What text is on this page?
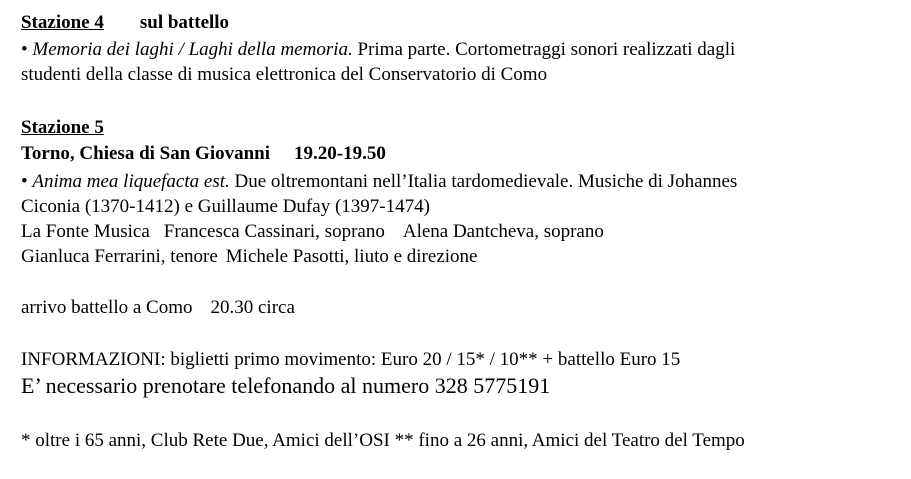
Stazione 4 sul battello
• Memoria dei laghi / Laghi della memoria. Prima parte. Cortometraggi sonori realizzati dagli
studenti della classe di musica elettronica del Conservatorio di Como
Stazione 5
Torno, Chiesa di San Giovanni 19.20-19.50
• Anima mea liquefacta est. Due oltremontani nell’Italia tardomedievale. Musiche di Johannes
Ciconia (1370-1412) e Guillaume Dufay (1397-1474)
La Fonte Musica Francesca Cassinari, soprano Alena Dantcheva, soprano
Gianluca Ferrarini, tenore Michele Pasotti, liuto e direzione
arrivo battello a Como 20.30 circa
INFORMAZIONI: biglietti primo movimento: Euro 20 / 15* / 10** + battello Euro 15
E’ necessario prenotare telefonando al numero 328 5775191
* oltre i 65 anni, Club Rete Due, Amici dell’OSI ** fino a 26 anni, Amici del Teatro del Tempo
